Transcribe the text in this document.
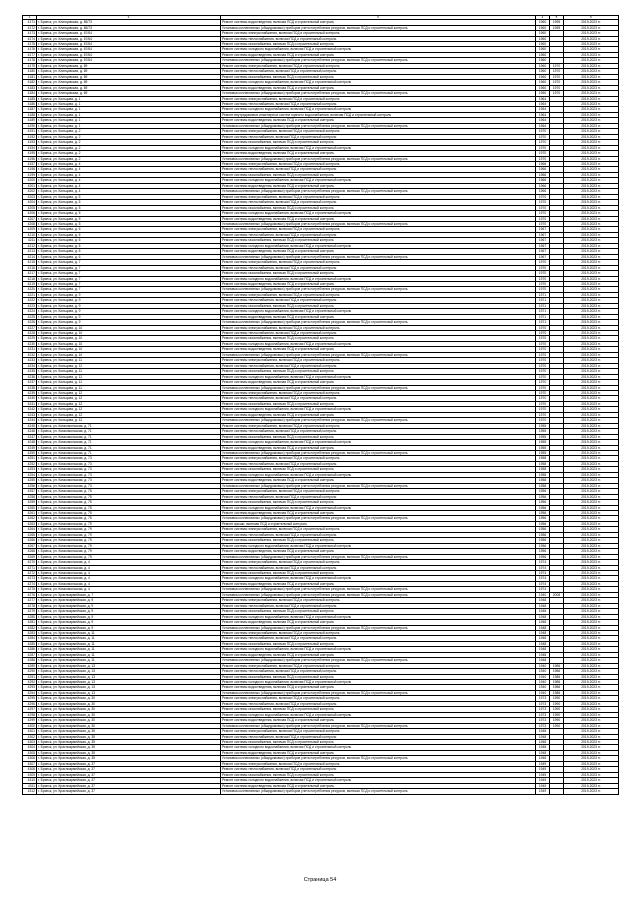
1	2	3	4	5	6
4171	г. Брянск, ул. Клинцовская, д. 65/73	Ремонт системы водоотведения, включая ПСД и строительный контроль	1960	1995	2019-2023 гг.
4172	г. Брянск, ул. Клинцовская, д. 65/73	Установка коллективных (общедомовых) приборов учета потребления ресурсов, включая ПСД и строительный контроль	1960	1995	2019-2023 гг.
4173	г. Брянск, ул. Клинцовская, д. 67/64	Ремонт системы электроснабжения, включая ПСД и строительный контроль	1960		2019-2023 гг.
4174	г. Брянск, ул. Клинцовская, д. 67/64	Ремонт системы теплоснабжения, включая ПСД и строительный контроль	1960		2019-2023 гг.
4175	г. Брянск, ул. Клинцовская, д. 67/64	Ремонт системы газоснабжения, включая ПСД и строительный контроль	1960		2019-2023 гг.
4176	г. Брянск, ул. Клинцовская, д. 67/64	Ремонт системы холодного водоснабжения, включая ПСД и строительный контроль	1960		2019-2023 гг.
4177	г. Брянск, ул. Клинцовская, д. 67/64	Ремонт системы водоотведения, включая ПСД и строительный контроль	1960		2019-2023 гг.
4178	г. Брянск, ул. Клинцовская, д. 67/64	Установка коллективных (общедомовых) приборов учета потребления ресурсов, включая ПСД и строительный контроль	1960		2019-2023 гг.
4179	г. Брянск, ул. Клинцовская, д. 69	Ремонт системы электроснабжения, включая ПСД и строительный контроль	1960	1970	2019-2023 гг.
4180	г. Брянск, ул. Клинцовская, д. 69	Ремонт системы теплоснабжения, включая ПСД и строительный контроль	1960	1970	2019-2023 гг.
4181	г. Брянск, ул. Клинцовская, д. 69	Ремонт системы газоснабжения, включая ПСД и строительный контроль	1960	1970	2019-2023 гг.
4182	г. Брянск, ул. Клинцовская, д. 69	Ремонт системы холодного водоснабжения, включая ПСД и строительный контроль	1960	1970	2019-2023 гг.
4183	г. Брянск, ул. Клинцовская, д. 69	Ремонт системы водоотведения, включая ПСД и строительный контроль	1960	1970	2019-2023 гг.
4184	г. Брянск, ул. Клинцовская, д. 69	Установка коллективных (общедомовых) приборов учета потребления ресурсов, включая ПСД и строительный контроль	1960	1970	2019-2023 гг.
4185	г. Брянск, ул. Кольцова, д. 1	Ремонт системы электроснабжения, включая ПСД и строительный контроль	1964		2019-2023 гг.
4186	г. Брянск, ул. Кольцова, д. 1	Ремонт системы теплоснабжения, включая ПСД и строительный контроль	1964		2019-2023 гг.
4187	г. Брянск, ул. Кольцова, д. 1	Ремонт системы холодного водоснабжения, включая ПСД и строительный контроль	1964		2019-2023 гг.
4188	г. Брянск, ул. Кольцова, д. 1	Ремонт внутридомовых инженерных систем горячего водоснабжения, включая ПСД и строительный контроль	1964		2019-2023 гг.
4189	г. Брянск, ул. Кольцова, д. 1	Ремонт системы водоотведения, включая ПСД и строительный контроль	1964		2019-2023 гг.
4190	г. Брянск, ул. Кольцова, д. 1	Установка коллективных (общедомовых) приборов учета потребления ресурсов, включая ПСД и строительный контроль	1964		2019-2023 гг.
4191	г. Брянск, ул. Кольцова, д. 2	Ремонт системы электроснабжения, включая ПСД и строительный контроль	1970		2019-2023 гг.
4192	г. Брянск, ул. Кольцова, д. 2	Ремонт системы теплоснабжения, включая ПСД и строительный контроль	1970		2019-2023 гг.
4193	г. Брянск, ул. Кольцова, д. 2	Ремонт системы газоснабжения, включая ПСД и строительный контроль	1970		2019-2023 гг.
4194	г. Брянск, ул. Кольцова, д. 2	Ремонт системы холодного водоснабжения, включая ПСД и строительный контроль	1970		2019-2023 гг.
4195	г. Брянск, ул. Кольцова, д. 2	Ремонт системы водоотведения, включая ПСД и строительный контроль	1970		2019-2023 гг.
4196	г. Брянск, ул. Кольцова, д. 2	Установка коллективных (общедомовых) приборов учета потребления ресурсов, включая ПСД и строительный контроль	1970		2019-2023 гг.
4197	г. Брянск, ул. Кольцова, д. 4	Ремонт системы электроснабжения, включая ПСД и строительный контроль	1966		2019-2023 гг.
4198	г. Брянск, ул. Кольцова, д. 4	Ремонт системы теплоснабжения, включая ПСД и строительный контроль	1966		2019-2023 гг.
4199	г. Брянск, ул. Кольцова, д. 4	Ремонт системы газоснабжения, включая ПСД и строительный контроль	1966		2019-2023 гг.
4200	г. Брянск, ул. Кольцова, д. 4	Ремонт системы холодного водоснабжения, включая ПСД и строительный контроль	1966		2019-2023 гг.
4201	г. Брянск, ул. Кольцова, д. 4	Ремонт системы водоотведения, включая ПСД и строительный контроль	1966		2019-2023 гг.
4202	г. Брянск, ул. Кольцова, д. 4	Установка коллективных (общедомовых) приборов учета потребления ресурсов, включая ПСД и строительный контроль	1966		2019-2023 гг.
4203	г. Брянск, ул. Кольцова, д. 5	Ремонт системы электроснабжения, включая ПСД и строительный контроль	1970		2019-2023 гг.
4204	г. Брянск, ул. Кольцова, д. 5	Ремонт системы теплоснабжения, включая ПСД и строительный контроль	1970		2019-2023 гг.
4205	г. Брянск, ул. Кольцова, д. 5	Ремонт системы газоснабжения, включая ПСД и строительный контроль	1970		2019-2023 гг.
4206	г. Брянск, ул. Кольцова, д. 5	Ремонт системы холодного водоснабжения, включая ПСД и строительный контроль	1970		2019-2023 гг.
4207	г. Брянск, ул. Кольцова, д. 5	Ремонт системы водоотведения, включая ПСД и строительный контроль	1970		2019-2023 гг.
4208	г. Брянск, ул. Кольцова, д. 5	Установка коллективных (общедомовых) приборов учета потребления ресурсов, включая ПСД и строительный контроль	1970		2019-2023 гг.
4209	г. Брянск, ул. Кольцова, д. 6	Ремонт системы электроснабжения, включая ПСД и строительный контроль	1967		2019-2023 гг.
4210	г. Брянск, ул. Кольцова, д. 6	Ремонт системы теплоснабжения, включая ПСД и строительный контроль	1967		2019-2023 гг.
4211	г. Брянск, ул. Кольцова, д. 6	Ремонт системы газоснабжения, включая ПСД и строительный контроль	1967		2019-2023 гг.
4212	г. Брянск, ул. Кольцова, д. 6	Ремонт системы холодного водоснабжения, включая ПСД и строительный контроль	1967		2019-2023 гг.
4213	г. Брянск, ул. Кольцова, д. 6	Ремонт системы водоотведения, включая ПСД и строительный контроль	1967		2019-2023 гг.
4214	г. Брянск, ул. Кольцова, д. 6	Установка коллективных (общедомовых) приборов учета потребления ресурсов, включая ПСД и строительный контроль	1967		2019-2023 гг.
4215	г. Брянск, ул. Кольцова, д. 7	Ремонт системы электроснабжения, включая ПСД и строительный контроль	1970		2019-2023 гг.
4216	г. Брянск, ул. Кольцова, д. 7	Ремонт системы теплоснабжения, включая ПСД и строительный контроль	1970		2019-2023 гг.
4217	г. Брянск, ул. Кольцова, д. 7	Ремонт системы газоснабжения, включая ПСД и строительный контроль	1970		2019-2023 гг.
4218	г. Брянск, ул. Кольцова, д. 7	Ремонт системы холодного водоснабжения, включая ПСД и строительный контроль	1970		2019-2023 гг.
4219	г. Брянск, ул. Кольцова, д. 7	Ремонт системы водоотведения, включая ПСД и строительный контроль	1970		2019-2023 гг.
4220	г. Брянск, ул. Кольцова, д. 7	Установка коллективных (общедомовых) приборов учета потребления ресурсов, включая ПСД и строительный контроль	1970		2019-2023 гг.
4221	г. Брянск, ул. Кольцова, д. 9	Ремонт системы электроснабжения, включая ПСД и строительный контроль	1971		2019-2023 гг.
4222	г. Брянск, ул. Кольцова, д. 9	Ремонт системы теплоснабжения, включая ПСД и строительный контроль	1971		2019-2023 гг.
4223	г. Брянск, ул. Кольцова, д. 9	Ремонт системы газоснабжения, включая ПСД и строительный контроль	1971		2019-2023 гг.
4224	г. Брянск, ул. Кольцова, д. 9	Ремонт системы холодного водоснабжения, включая ПСД и строительный контроль	1971		2019-2023 гг.
4225	г. Брянск, ул. Кольцова, д. 9	Ремонт системы водоотведения, включая ПСД и строительный контроль	1971		2019-2023 гг.
4226	г. Брянск, ул. Кольцова, д. 9	Установка коллективных (общедомовых) приборов учета потребления ресурсов, включая ПСД и строительный контроль	1971		2019-2023 гг.
4227	г. Брянск, ул. Кольцова, д. 10	Ремонт системы электроснабжения, включая ПСД и строительный контроль	1970		2019-2023 гг.
4228	г. Брянск, ул. Кольцова, д. 10	Ремонт системы теплоснабжения, включая ПСД и строительный контроль	1970		2019-2023 гг.
4229	г. Брянск, ул. Кольцова, д. 10	Ремонт системы газоснабжения, включая ПСД и строительный контроль	1970		2019-2023 гг.
4230	г. Брянск, ул. Кольцова, д. 10	Ремонт системы холодного водоснабжения, включая ПСД и строительный контроль	1970		2019-2023 гг.
4231	г. Брянск, ул. Кольцова, д. 10	Ремонт системы водоотведения, включая ПСД и строительный контроль	1970		2019-2023 гг.
4232	г. Брянск, ул. Кольцова, д. 10	Установка коллективных (общедомовых) приборов учета потребления ресурсов, включая ПСД и строительный контроль	1970		2019-2023 гг.
4233	г. Брянск, ул. Кольцова, д. 11	Ремонт системы электроснабжения, включая ПСД и строительный контроль	1970		2019-2023 гг.
4234	г. Брянск, ул. Кольцова, д. 11	Ремонт системы теплоснабжения, включая ПСД и строительный контроль	1970		2019-2023 гг.
4235	г. Брянск, ул. Кольцова, д. 11	Ремонт системы газоснабжения, включая ПСД и строительный контроль	1970		2019-2023 гг.
4236	г. Брянск, ул. Кольцова, д. 11	Ремонт системы холодного водоснабжения, включая ПСД и строительный контроль	1970		2019-2023 гг.
4237	г. Брянск, ул. Кольцова, д. 11	Ремонт системы водоотведения, включая ПСД и строительный контроль	1970		2019-2023 гг.
4238	г. Брянск, ул. Кольцова, д. 11	Установка коллективных (общедомовых) приборов учета потребления ресурсов, включая ПСД и строительный контроль	1970		2019-2023 гг.
4239	г. Брянск, ул. Кольцова, д. 12	Ремонт системы электроснабжения, включая ПСД и строительный контроль	1970		2019-2023 гг.
4240	г. Брянск, ул. Кольцова, д. 12	Ремонт системы теплоснабжения, включая ПСД и строительный контроль	1970		2019-2023 гг.
4241	г. Брянск, ул. Кольцова, д. 12	Ремонт системы газоснабжения, включая ПСД и строительный контроль	1970		2019-2023 гг.
4242	г. Брянск, ул. Кольцова, д. 12	Ремонт системы холодного водоснабжения, включая ПСД и строительный контроль	1970		2019-2023 гг.
4243	г. Брянск, ул. Кольцова, д. 12	Ремонт системы водоотведения, включая ПСД и строительный контроль	1970		2019-2023 гг.
4244	г. Брянск, ул. Кольцова, д. 12	Установка коллективных (общедомовых) приборов учета потребления ресурсов, включая ПСД и строительный контроль	1970		2019-2023 гг.
4245	г. Брянск, ул. Комсомольская, д. 71	Ремонт системы электроснабжения, включая ПСД и строительный контроль	1955		2019-2023 гг.
4246	г. Брянск, ул. Комсомольская, д. 71	Ремонт системы теплоснабжения, включая ПСД и строительный контроль	1955		2019-2023 гг.
4247	г. Брянск, ул. Комсомольская, д. 71	Ремонт системы газоснабжения, включая ПСД и строительный контроль	1955		2019-2023 гг.
4248	г. Брянск, ул. Комсомольская, д. 71	Ремонт системы холодного водоснабжения, включая ПСД и строительный контроль	1955		2019-2023 гг.
4249	г. Брянск, ул. Комсомольская, д. 71	Ремонт системы водоотведения, включая ПСД и строительный контроль	1955		2019-2023 гг.
4250	г. Брянск, ул. Комсомольская, д. 71	Установка коллективных (общедомовых) приборов учета потребления ресурсов, включая ПСД и строительный контроль	1955		2019-2023 гг.
4251	г. Брянск, ул. Комсомольская, д. 73	Ремонт системы электроснабжения, включая ПСД и строительный контроль	1958		2019-2023 гг.
4252	г. Брянск, ул. Комсомольская, д. 73	Ремонт системы теплоснабжения, включая ПСД и строительный контроль	1958		2019-2023 гг.
4253	г. Брянск, ул. Комсомольская, д. 73	Ремонт системы газоснабжения, включая ПСД и строительный контроль	1958		2019-2023 гг.
4254	г. Брянск, ул. Комсомольская, д. 73	Ремонт системы холодного водоснабжения, включая ПСД и строительный контроль	1958		2019-2023 гг.
4255	г. Брянск, ул. Комсомольская, д. 73	Ремонт системы водоотведения, включая ПСД и строительный контроль	1958		2019-2023 гг.
4256	г. Брянск, ул. Комсомольская, д. 73	Установка коллективных (общедомовых) приборов учета потребления ресурсов, включая ПСД и строительный контроль	1958		2019-2023 гг.
4257	г. Брянск, ул. Комсомольская, д. 75	Ремонт системы электроснабжения, включая ПСД и строительный контроль	1956		2019-2023 гг.
4258	г. Брянск, ул. Комсомольская, д. 75	Ремонт системы теплоснабжения, включая ПСД и строительный контроль	1956		2019-2023 гг.
4259	г. Брянск, ул. Комсомольская, д. 75	Ремонт системы газоснабжения, включая ПСД и строительный контроль	1956		2019-2023 гг.
4260	г. Брянск, ул. Комсомольская, д. 75	Ремонт системы холодного водоснабжения, включая ПСД и строительный контроль	1956		2019-2023 гг.
4261	г. Брянск, ул. Комсомольская, д. 75	Ремонт системы водоотведения, включая ПСД и строительный контроль	1956		2019-2023 гг.
4262	г. Брянск, ул. Комсомольская, д. 75	Установка коллективных (общедомовых) приборов учета потребления ресурсов, включая ПСД и строительный контроль	1956		2019-2023 гг.
4263	г. Брянск, ул. Комсомольская, д. 79	Ремонт крыши, включая ПСД и строительный контроль	1956		2019-2023 гг.
4264	г. Брянск, ул. Комсомольская, д. 79	Ремонт системы электроснабжения, включая ПСД и строительный контроль	1956		2019-2023 гг.
4265	г. Брянск, ул. Комсомольская, д. 79	Ремонт системы теплоснабжения, включая ПСД и строительный контроль	1956		2019-2023 гг.
4266	г. Брянск, ул. Комсомольская, д. 79	Ремонт системы газоснабжения, включая ПСД и строительный контроль	1956		2019-2023 гг.
4267	г. Брянск, ул. Комсомольская, д. 79	Ремонт системы холодного водоснабжения, включая ПСД и строительный контроль	1956		2019-2023 гг.
4268	г. Брянск, ул. Комсомольская, д. 79	Ремонт системы водоотведения, включая ПСД и строительный контроль	1956		2019-2023 гг.
4269	г. Брянск, ул. Комсомольская, д. 79	Установка коллективных (общедомовых) приборов учета потребления ресурсов, включая ПСД и строительный контроль	1956		2019-2023 гг.
4270	г. Брянск, ул. Комсомольская, д. 4	Ремонт системы электроснабжения, включая ПСД и строительный контроль	1974		2019-2023 гг.
4271	г. Брянск, ул. Комсомольская, д. 4	Ремонт системы теплоснабжения, включая ПСД и строительный контроль	1974		2019-2023 гг.
4272	г. Брянск, ул. Комсомольская, д. 4	Ремонт системы газоснабжения, включая ПСД и строительный контроль	1974		2019-2023 гг.
4273	г. Брянск, ул. Комсомольская, д. 4	Ремонт системы холодного водоснабжения, включая ПСД и строительный контроль	1974		2019-2023 гг.
4274	г. Брянск, ул. Комсомольская, д. 4	Ремонт системы водоотведения, включая ПСД и строительный контроль	1974		2019-2023 гг.
4275	г. Брянск, ул. Комсомольская, д. 4	Установка коллективных (общедомовых) приборов учета потребления ресурсов, включая ПСД и строительный контроль	1974		2019-2023 гг.
4276	г. Брянск, ул. Красноармейская, д. 7	Установка коллективных (общедомовых) приборов учета потребления ресурсов, включая ПСД и строительный контроль	1940	2008	2019-2023 гг.
4277	г. Брянск, ул. Красноармейская, д. 9	Ремонт системы электроснабжения, включая ПСД и строительный контроль	1948		2019-2023 гг.
4278	г. Брянск, ул. Красноармейская, д. 9	Ремонт системы теплоснабжения, включая ПСД и строительный контроль	1948		2019-2023 гг.
4279	г. Брянск, ул. Красноармейская, д. 9	Ремонт системы газоснабжения, включая ПСД и строительный контроль	1948		2019-2023 гг.
4280	г. Брянск, ул. Красноармейская, д. 9	Ремонт системы холодного водоснабжения, включая ПСД и строительный контроль	1948		2019-2023 гг.
4281	г. Брянск, ул. Красноармейская, д. 9	Ремонт системы водоотведения, включая ПСД и строительный контроль	1948		2019-2023 гг.
4282	г. Брянск, ул. Красноармейская, д. 9	Установка коллективных (общедомовых) приборов учета потребления ресурсов, включая ПСД и строительный контроль	1948		2019-2023 гг.
4283	г. Брянск, ул. Красноармейская, д. 11	Ремонт системы электроснабжения, включая ПСД и строительный контроль	1948		2019-2023 гг.
4284	г. Брянск, ул. Красноармейская, д. 11	Ремонт системы теплоснабжения, включая ПСД и строительный контроль	1948		2019-2023 гг.
4285	г. Брянск, ул. Красноармейская, д. 11	Ремонт системы газоснабжения, включая ПСД и строительный контроль	1948		2019-2023 гг.
4286	г. Брянск, ул. Красноармейская, д. 11	Ремонт системы холодного водоснабжения, включая ПСД и строительный контроль	1948		2019-2023 гг.
4287	г. Брянск, ул. Красноармейская, д. 11	Ремонт системы водоотведения, включая ПСД и строительный контроль	1948		2019-2023 гг.
4288	г. Брянск, ул. Красноармейская, д. 11	Установка коллективных (общедомовых) приборов учета потребления ресурсов, включая ПСД и строительный контроль	1948		2019-2023 гг.
4289	г. Брянск, ул. Красноармейская, д. 13	Ремонт системы электроснабжения, включая ПСД и строительный контроль	1940	1986	2019-2023 гг.
4290	г. Брянск, ул. Красноармейская, д. 13	Ремонт системы теплоснабжения, включая ПСД и строительный контроль	1940	1986	2019-2023 гг.
4291	г. Брянск, ул. Красноармейская, д. 13	Ремонт системы газоснабжения, включая ПСД и строительный контроль	1940	1986	2019-2023 гг.
4292	г. Брянск, ул. Красноармейская, д. 13	Ремонт системы холодного водоснабжения, включая ПСД и строительный контроль	1940	1986	2019-2023 гг.
4293	г. Брянск, ул. Красноармейская, д. 13	Ремонт системы водоотведения, включая ПСД и строительный контроль	1940	1986	2019-2023 гг.
4294	г. Брянск, ул. Красноармейская, д. 13	Установка коллективных (общедомовых) приборов учета потребления ресурсов, включая ПСД и строительный контроль	1940	1986	2019-2023 гг.
4295	г. Брянск, ул. Красноармейская, д. 30	Ремонт системы электроснабжения, включая ПСД и строительный контроль	1973	1990	2019-2023 гг.
4296	г. Брянск, ул. Красноармейская, д. 30	Ремонт системы теплоснабжения, включая ПСД и строительный контроль	1973	1990	2019-2023 гг.
4297	г. Брянск, ул. Красноармейская, д. 30	Ремонт системы газоснабжения, включая ПСД и строительный контроль	1973	1990	2019-2023 гг.
4298	г. Брянск, ул. Красноармейская, д. 30	Ремонт системы холодного водоснабжения, включая ПСД и строительный контроль	1973	1990	2019-2023 гг.
4299	г. Брянск, ул. Красноармейская, д. 30	Ремонт системы водоотведения, включая ПСД и строительный контроль	1973	1990	2019-2023 гг.
4300	г. Брянск, ул. Красноармейская, д. 30	Установка коллективных (общедомовых) приборов учета потребления ресурсов, включая ПСД и строительный контроль	1973	1990	2019-2023 гг.
4301	г. Брянск, ул. Красноармейская, д. 35	Ремонт системы электроснабжения, включая ПСД и строительный контроль	1948		2019-2023 гг.
4302	г. Брянск, ул. Красноармейская, д. 35	Ремонт системы теплоснабжения, включая ПСД и строительный контроль	1948		2019-2023 гг.
4303	г. Брянск, ул. Красноармейская, д. 35	Ремонт системы газоснабжения, включая ПСД и строительный контроль	1948		2019-2023 гг.
4304	г. Брянск, ул. Красноармейская, д. 35	Ремонт системы холодного водоснабжения, включая ПСД и строительный контроль	1948		2019-2023 гг.
4305	г. Брянск, ул. Красноармейская, д. 35	Ремонт системы водоотведения, включая ПСД и строительный контроль	1948		2019-2023 гг.
4306	г. Брянск, ул. Красноармейская, д. 35	Установка коллективных (общедомовых) приборов учета потребления ресурсов, включая ПСД и строительный контроль	1948		2019-2023 гг.
4307	г. Брянск, ул. Красноармейская, д. 37	Ремонт системы электроснабжения, включая ПСД и строительный контроль	1949		2019-2023 гг.
4308	г. Брянск, ул. Красноармейская, д. 37	Ремонт системы теплоснабжения, включая ПСД и строительный контроль	1949		2019-2023 гг.
4309	г. Брянск, ул. Красноармейская, д. 37	Ремонт системы газоснабжения, включая ПСД и строительный контроль	1949		2019-2023 гг.
4310	г. Брянск, ул. Красноармейская, д. 37	Ремонт системы холодного водоснабжения, включая ПСД и строительный контроль	1949		2019-2023 гг.
4311	г. Брянск, ул. Красноармейская, д. 37	Ремонт системы водоотведения, включая ПСД и строительный контроль	1949		2019-2023 гг.
4312	г. Брянск, ул. Красноармейская, д. 37	Установка коллективных (общедомовых) приборов учета потребления ресурсов, включая ПСД и строительный контроль	1949		2019-2023 гг.
Страница 54
